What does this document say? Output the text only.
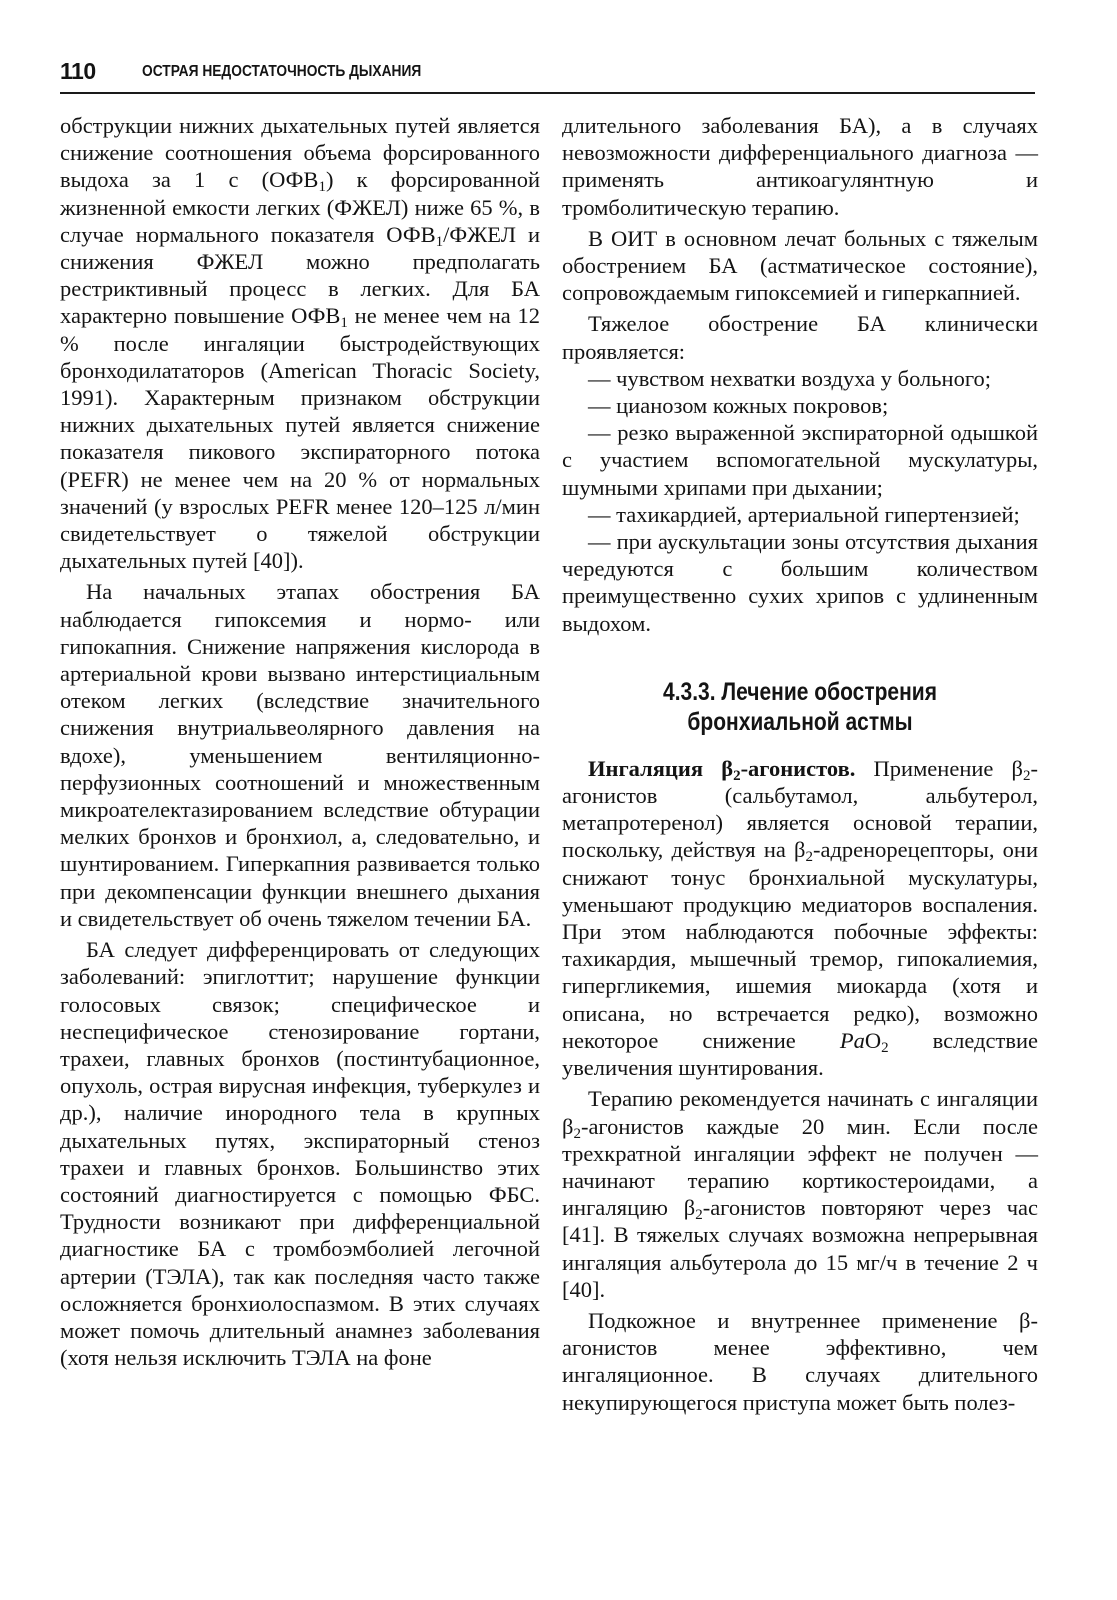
110	ОСТРАЯ НЕДОСТАТОЧНОСТЬ ДЫХАНИЯ

обструкции нижних дыхательных путей является снижение соотношения объема форсированного выдоха за 1 с $(ОФВ_1)$ к форсированной жизненной емкости легких (ФЖЕЛ) ниже 65 %, в случае нормального показателя $ОФВ_1$/ФЖЕЛ и снижения ФЖЕЛ можно предполагать рестриктивный процесс в легких. Для БА характерно повышение $ОФВ_1$ не менее чем на 12 % после ингаляции быстродействующих бронходилататоров (American Thoracic Society, 1991). Характерным признаком обструкции нижних дыхательных путей является снижение показателя пикового экспираторного потока (PEFR) не менее чем на 20 % от нормальных значений (у взрослых PEFR менее 120–125 л/мин свидетельствует о тяжелой обструкции дыхательных путей [40]).

На начальных этапах обострения БА наблюдается гипоксемия и нормо- или гипокапния. Снижение напряжения кислорода в артериальной крови вызвано интерстициальным отеком легких (вследствие значительного снижения внутриальвеолярного давления на вдохе), уменьшением вентиляционно-перфузионных соотношений и множественным микроателектазированием вследствие обтурации мелких бронхов и бронхиол, а, следовательно, и шунтированием. Гиперкапния развивается только при декомпенсации функции внешнего дыхания и свидетельствует об очень тяжелом течении БА.

БА следует дифференцировать от следующих заболеваний: эпиглоттит; нарушение функции голосовых связок; специфическое и неспецифическое стенозирование гортани, трахеи, главных бронхов (постинтубационное, опухоль, острая вирусная инфекция, туберкулез и др.), наличие инородного тела в крупных дыхательных путях, экспираторный стеноз трахеи и главных бронхов. Большинство этих состояний диагностируется с помощью ФБС. Трудности возникают при дифференциальной диагностике БА с тромбоэмболией легочной артерии (ТЭЛА), так как последняя часто также осложняется бронхиолоспазмом. В этих случаях может помочь длительный анамнез заболевания (хотя нельзя исключить ТЭЛА на фоне

длительного заболевания БА), а в случаях невозможности дифференциального диагноза — применять антикоагулянтную и тромболитическую терапию.

В ОИТ в основном лечат больных с тяжелым обострением БА (астматическое состояние), сопровождаемым гипоксемией и гиперкапнией.

Тяжелое обострение БА клинически проявляется:

— чувством нехватки воздуха у больного;

— цианозом кожных покровов;

— резко выраженной экспираторной одышкой с участием вспомогательной мускулатуры, шумными хрипами при дыхании;

— тахикардией, артериальной гипертензией;

— при аускультации зоны отсутствия дыхания чередуются с большим количеством преимущественно сухих хрипов с удлиненным выдохом.

4.3.3. Лечение обострения
бронхиальной астмы

Ингаляция $\beta_2$-агонистов. Применение $\beta_2$-агонистов (сальбутамол, альбутерол, метапротеренол) является основой терапии, поскольку, действуя на $\beta_2$-адренорецепторы, они снижают тонус бронхиальной мускулатуры, уменьшают продукцию медиаторов воспаления. При этом наблюдаются побочные эффекты: тахикардия, мышечный тремор, гипокалиемия, гипергликемия, ишемия миокарда (хотя и описана, но встречается редко), возможно некоторое снижение PaO$_2$ вследствие увеличения шунтирования.

Терапию рекомендуется начинать с ингаляции $\beta_2$-агонистов каждые 20 мин. Если после трехкратной ингаляции эффект не получен — начинают терапию кортикостероидами, а ингаляцию $\beta_2$-агонистов повторяют через час [41]. В тяжелых случаях возможна непрерывная ингаляция альбутерола до 15 мг/ч в течение 2 ч [40].

Подкожное и внутреннее применение β-агонистов менее эффективно, чем ингаляционное. В случаях длительного некупирующегося приступа может быть полез-
